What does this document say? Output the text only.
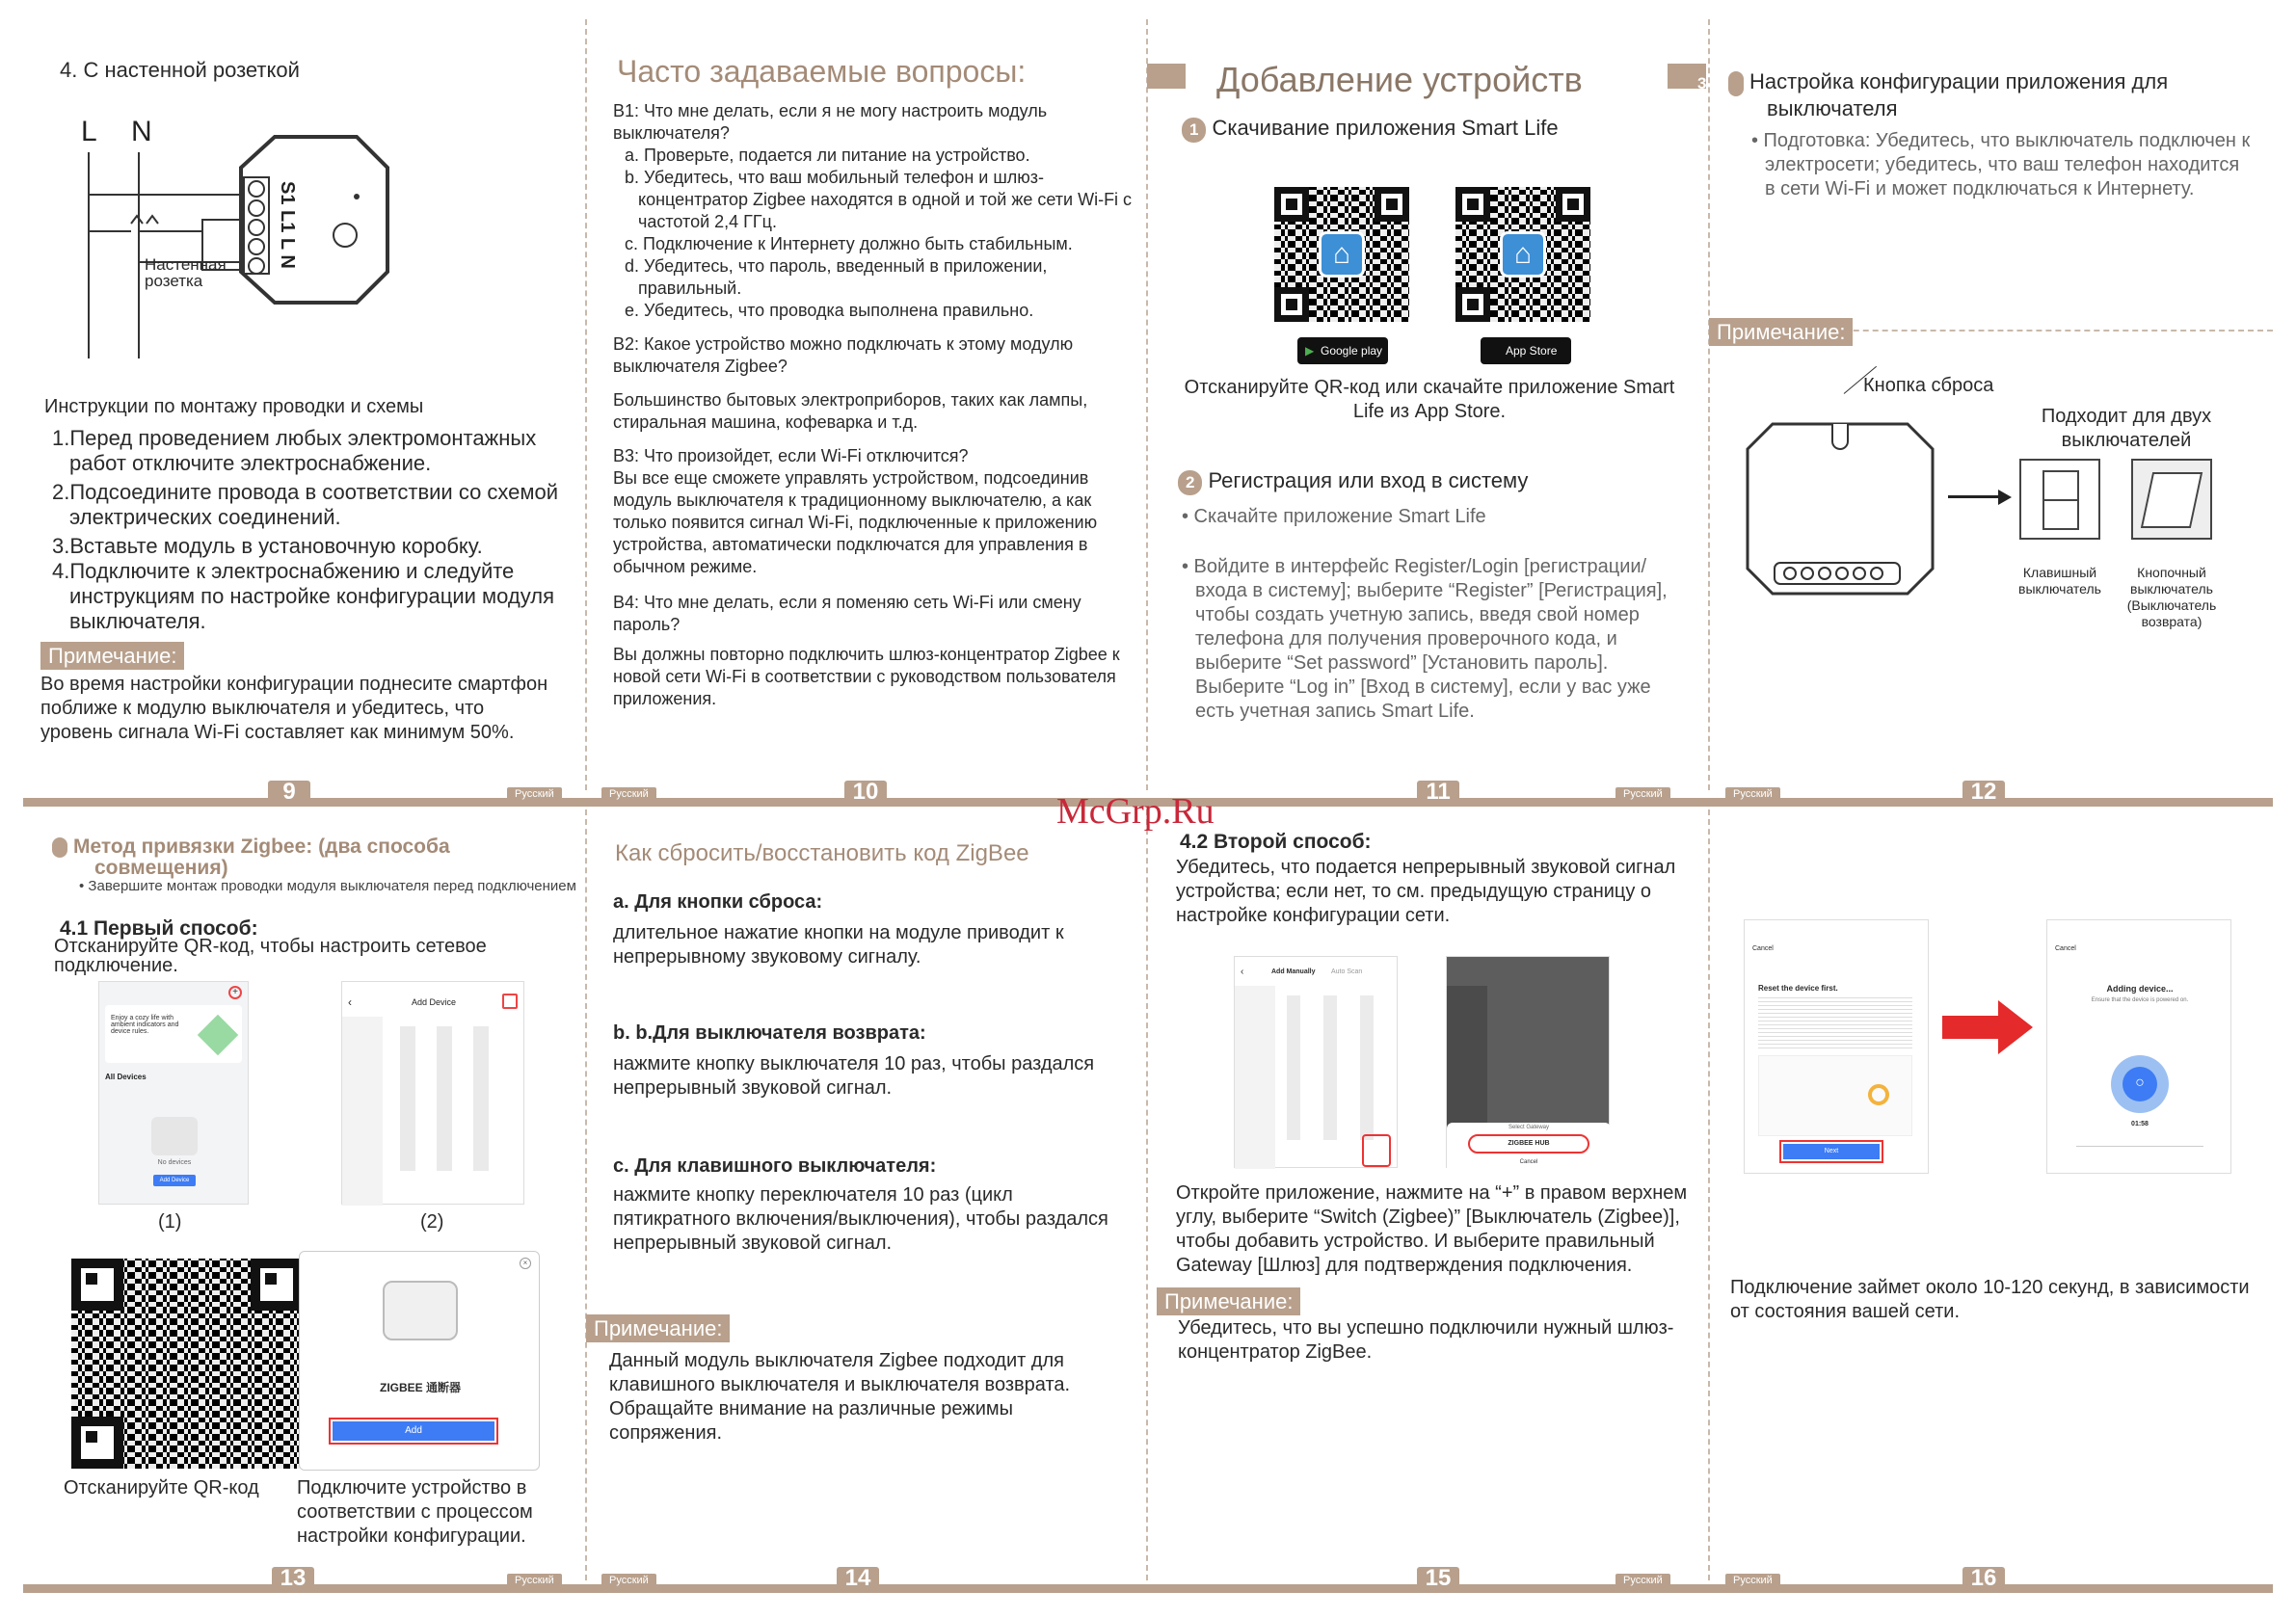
9	10	11	12
13	14	15	16
Русский	Русский	Русский	Русский
Русский	Русский	Русский	Русский
McGrp.Ru

4. С настенной розеткой

L N
S1 L1 L N

Настенная
розетка

Инструкции по монтажу проводки и схемы

1.Перед проведением любых электромонтажных работ отключите электроснабжение.

2.Подсоедините провода в соответствии со схемой электрических соединений.

3.Вставьте модуль в установочную коробку.

4.Подключите к электроснабжению и следуйте инструкциям по настройке конфигурации модуля выключателя.

Примечание:

Во время настройки конфигурации поднесите смартфон поближе к модулю выключателя и убедитесь, что уровень сигнала Wi-Fi составляет как минимум 50%.

Часто задаваемые вопросы:

B1: Что мне делать, если я не могу настроить модуль выключателя?

a. Проверьте, подается ли питание на устройство.

b. Убедитесь, что ваш мобильный телефон и шлюз-концентратор Zigbee находятся в одной и той же сети Wi-Fi с частотой 2,4 ГГц.

c. Подключение к Интернету должно быть стабильным.

d. Убедитесь, что пароль, введенный в приложении, правильный.

e. Убедитесь, что проводка выполнена правильно.

B2: Какое устройство можно подключать к этому модулю выключателя Zigbee?

Большинство бытовых электроприборов, таких как лампы, стиральная машина, кофеварка и т.д.

B3: Что произойдет, если Wi-Fi отключится?

Вы все еще сможете управлять устройством, подсоединив модуль выключателя к традиционному выключателю, а как только появится сигнал Wi-Fi, подключенные к приложению устройства, автоматически подключатся для управления в обычном режиме.

B4: Что мне делать, если я поменяю сеть Wi-Fi или смену пароль?

Вы должны повторно подключить шлюз-концентратор Zigbee к новой сети Wi-Fi в соответствии с руководством пользователя приложения.

Добавление устройств

1 Скачивание приложения Smart Life

⌂	⌂
▶ Google play	App Store

Отсканируйте QR-код или скачайте приложение Smart Life из App Store.

2 Регистрация или вход в систему

• Скачайте приложение Smart Life

• Войдите в интерфейс Register/Login [регистрации/входа в систему]; выберите “Register” [Регистрация], чтобы создать учетную запись, введя свой номер телефона для получения проверочного кода, и выберите “Set password” [Установить пароль]. Выберите “Log in” [Вход в систему], если у вас уже есть учетная запись Smart Life.

3 Настройка конфигурации приложения для выключателя

• Подготовка: Убедитесь, что выключатель подключен к электросети; убедитесь, что ваш телефон находится в сети Wi-Fi и может подключаться к Интернету.

Примечание:

Кнопка сброса

Подходит для двух выключателей

Клавишный выключатель

Кнопочный выключатель (Выключатель возврата)

4 Метод привязки Zigbee: (два способа совмещения)

• Завершите монтаж проводки модуля выключателя перед подключением

4.1 Первый способ:

Отсканируйте QR-код, чтобы настроить сетевое подключение.

+

Enjoy a cozy life with ambient indicators and device rules.

All Devices

No devices

Add Device

‹	Add Device

(1)	(2)

×

ZIGBEE 通断器

Add

Отсканируйте QR-код Подключите устройство в соответствии с процессом настройки конфигурации.

Как сбросить/восстановить код ZigBee

a. Для кнопки сброса:

длительное нажатие кнопки на модуле приводит к непрерывному звуковому сигналу.

b. b.Для выключателя возврата:

нажмите кнопку выключателя 10 раз, чтобы раздался непрерывный звуковой сигнал.

c. Для клавишного выключателя:

нажмите кнопку переключателя 10 раз (цикл пятикратного включения/выключения), чтобы раздался непрерывный звуковой сигнал.

Примечание:

Данный модуль выключателя Zigbee подходит для клавишного выключателя и выключателя возврата. Обращайте внимание на различные режимы сопряжения.

4.2 Второй способ:

Убедитесь, что подается непрерывный звуковой сигнал устройства; если нет, то см. предыдущую страницу о настройке конфигурации сети.

‹	Add Manually Auto Scan

Select Gateway

ZIGBEE HUB

Cancel

Откройте приложение, нажмите на “+” в правом верхнем углу, выберите “Switch (Zigbee)” [Выключатель (Zigbee)], чтобы добавить устройство. И выберите правильный Gateway [Шлюз] для подтверждения подключения.

Примечание:

Убедитесь, что вы успешно подключили нужный шлюз-концентратор ZigBee.

Cancel

Reset the device first.

Next

Cancel

Adding device...

Ensure that the device is powered on.

○

01:58

Подключение займет около 10-120 секунд, в зависимости от состояния вашей сети.
